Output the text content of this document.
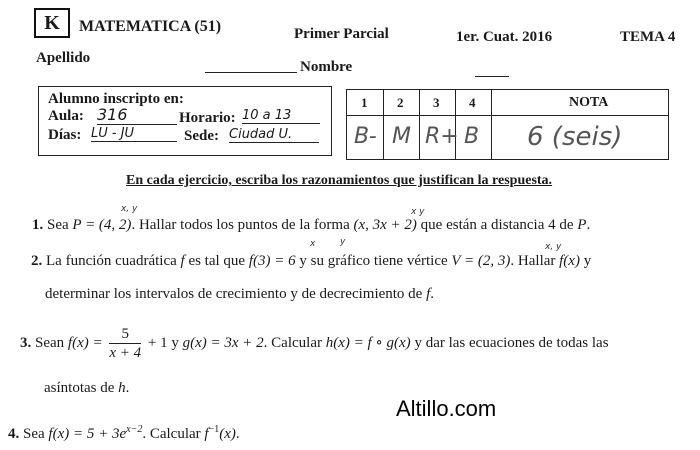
K	MATEMATICA (51)	Primer Parcial	1er. Cuat. 2016	TEMA 4
Apellido
Nombre
Alumno inscripto en:
Aula: 316	Horario: 10 a 13
Días: LU - JU	Sede: Ciudad U.
1 2 3 4	NOTA
B- M R+ B 6 (seis)
En cada ejercicio, escriba los razonamientos que justifican la respuesta.
x, y	x y
1. Sea P = (4, 2). Hallar todos los puntos de la forma (x, 3x + 2) que están a distancia 4 de P.
x	y	x, y
2. La función cuadrática f es tal que f(3) = 6 y su gráfico tiene vértice V = (2, 3). Hallar f(x) y
determinar los intervalos de crecimiento y de decrecimiento de f.
3. Sean $f(x) = \frac{5}{x + 4} + 1$ y g(x) = 3x + 2. Calcular h(x) = f ∘ g(x) y dar las ecuaciones de todas las
asíntotas de h.
Altillo.com
4. Sea $f(x) = 5 + 3e^{x-2}$. Calcular $f^{-1}(x)$.
